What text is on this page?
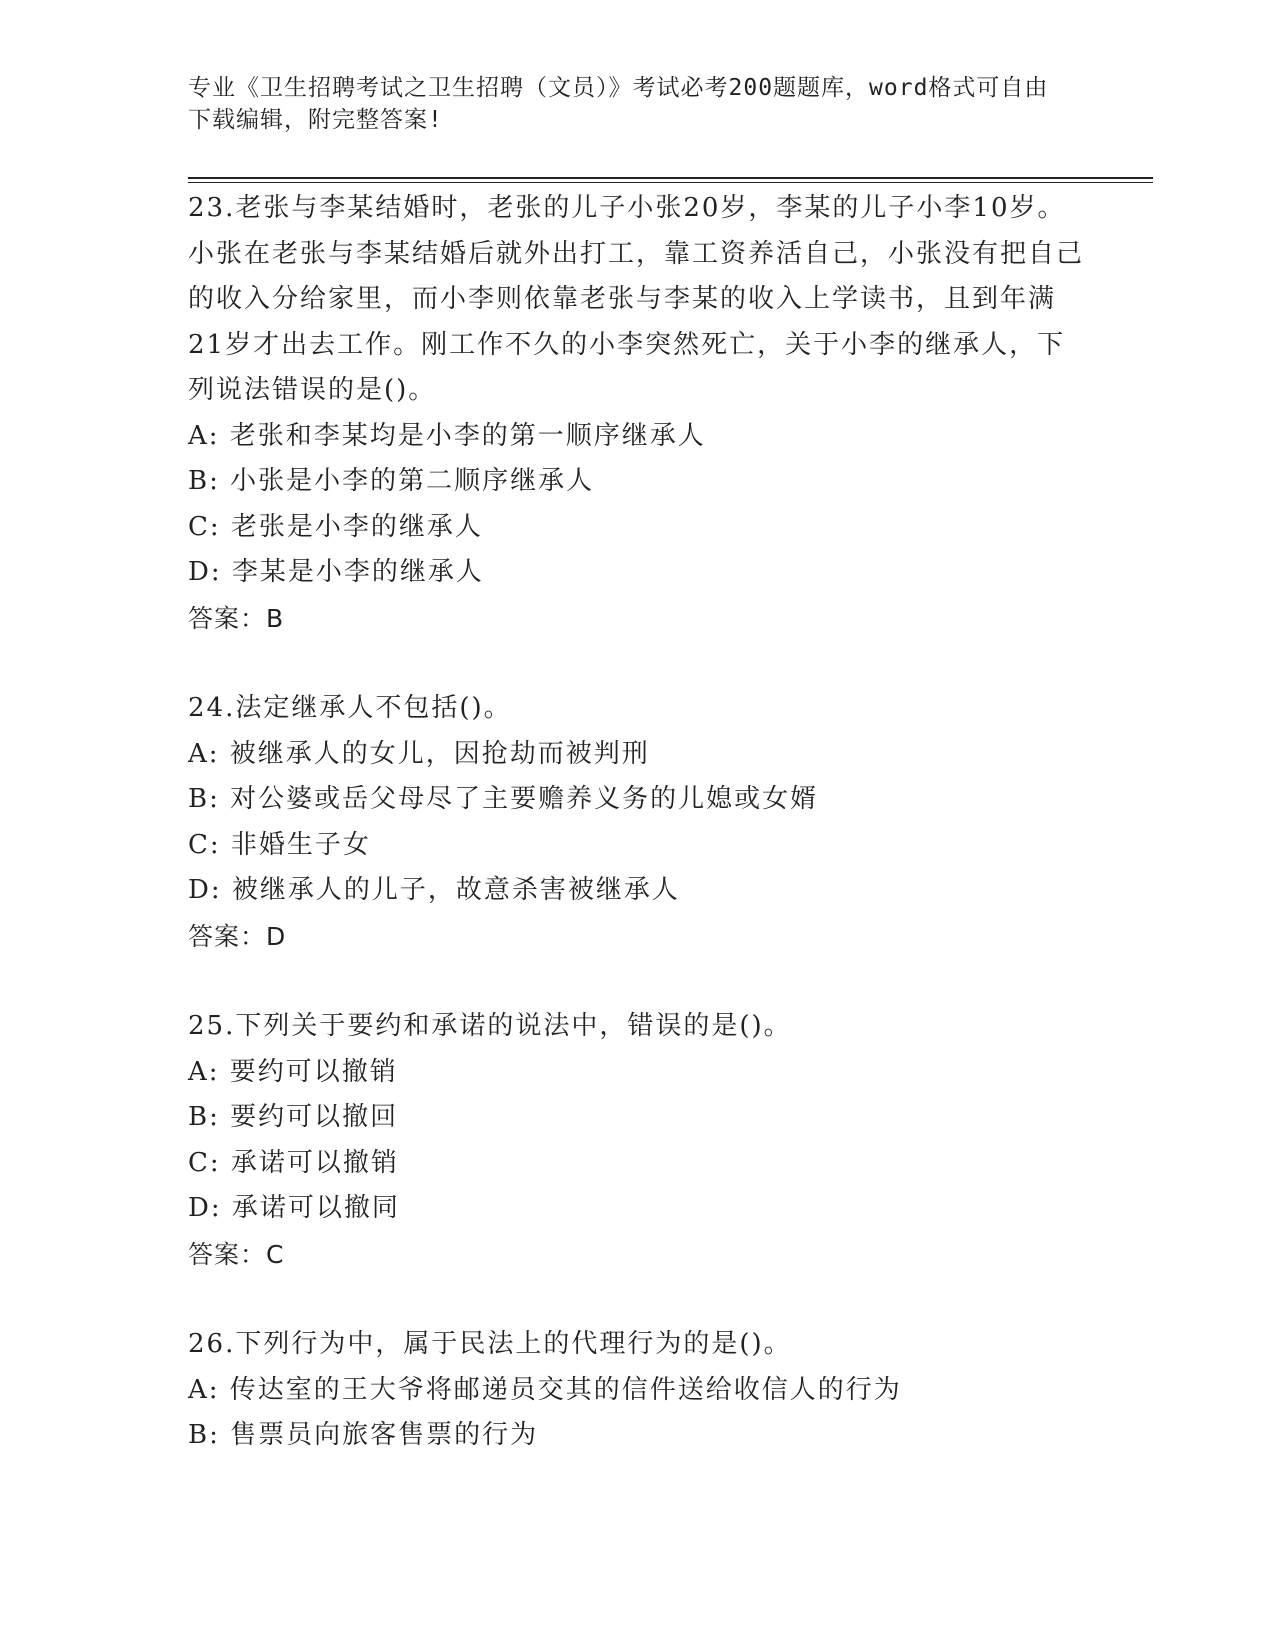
专业《卫生招聘考试之卫生招聘（文员）》考试必考200题题库，word格式可自由下载编辑，附完整答案!

23.老张与李某结婚时，老张的儿子小张20岁，李某的儿子小李10岁。小张在老张与李某结婚后就外出打工，靠工资养活自己，小张没有把自己的收入分给家里，而小李则依靠老张与李某的收入上学读书，且到年满21岁才出去工作。刚工作不久的小李突然死亡，关于小李的继承人，下列说法错误的是()。

A: 老张和李某均是小李的第一顺序继承人

B: 小张是小李的第二顺序继承人

C: 老张是小李的继承人

D: 李某是小李的继承人

答案：B

24.法定继承人不包括()。

A: 被继承人的女儿，因抢劫而被判刑

B: 对公婆或岳父母尽了主要赡养义务的儿媳或女婿

C: 非婚生子女

D: 被继承人的儿子，故意杀害被继承人

答案：D

25.下列关于要约和承诺的说法中，错误的是()。

A: 要约可以撤销

B: 要约可以撤回

C: 承诺可以撤销

D: 承诺可以撤同

答案：C

26.下列行为中，属于民法上的代理行为的是()。

A: 传达室的王大爷将邮递员交其的信件送给收信人的行为

B: 售票员向旅客售票的行为
